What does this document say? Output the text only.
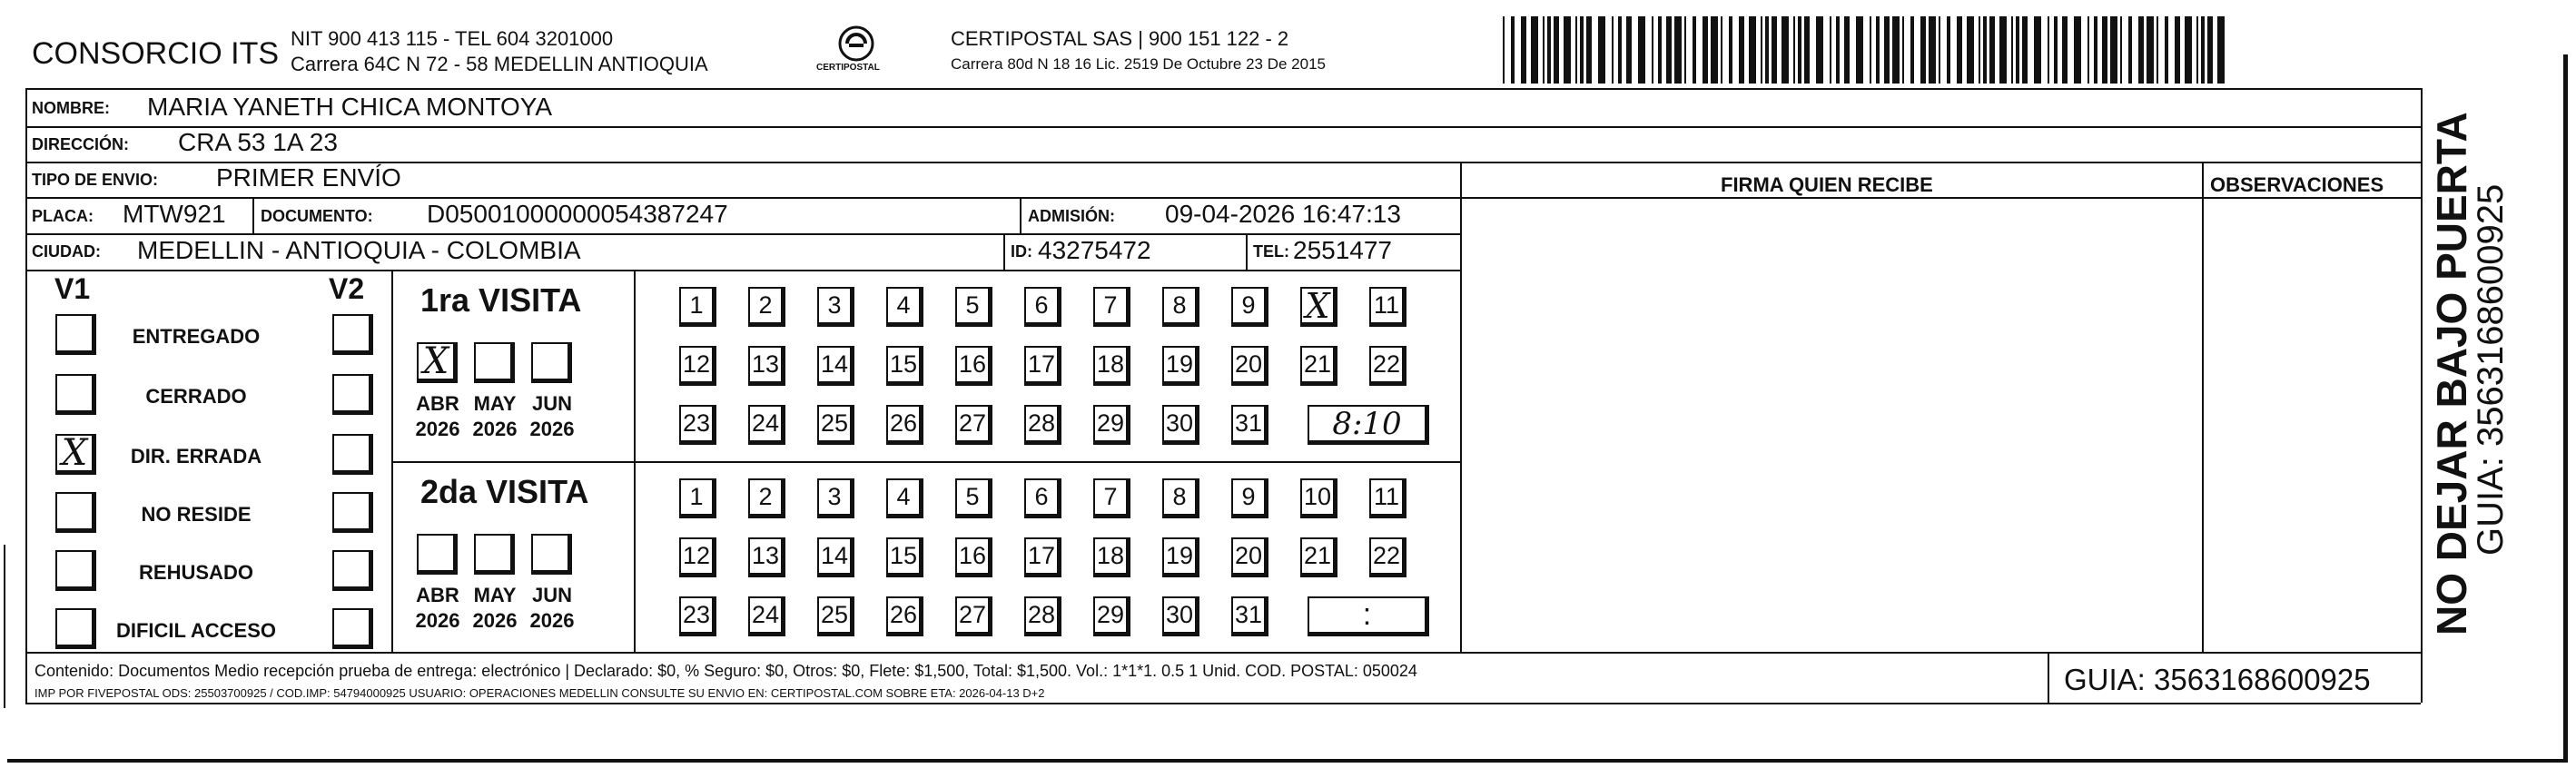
CONSORCIO ITS NIT 900 413 115 - TEL 604 3201000
Carrera 64C N 72 - 58 MEDELLIN ANTIOQUIA	CERTIPOSTAL
CERTIPOSTAL SAS | 900 151 122 - 2
Carrera 80d N 18 16 Lic. 2519 De Octubre 23 De 2015
NOMBRE: MARIA YANETH CHICA MONTOYA
DIRECCIÓN: CRA 53 1A 23
TIPO DE ENVIO: PRIMER ENVÍO	FIRMA QUIEN RECIBE	OBSERVACIONES
PLACA: MTW921 DOCUMENTO: D05001000000054387247	ADMISIÓN: 09-04-2026 16:47:13
CIUDAD: MEDELLIN - ANTIOQUIA - COLOMBIA	ID: 43275472	TEL: 2551477
V1	V2
ENTREGADO
CERRADO
X	DIR. ERRADA
NO RESIDE
REHUSADO
DIFICIL ACCESO
1ra VISITA
X
ABR
2026
MAY
2026
JUN
2026
1	2	3	4	5	6	7	8	9	X	11
12 13 14 15 16 17 18 19 20 21 22
23 24 25 26 27 28 29 30 31	8:10
2da VISITA
ABR
2026
MAY
2026
JUN
2026
1	2	3	4	5	6	7	8	9	10 11
12 13 14 15 16 17 18 19 20 21 22
23 24 25 26 27 28 29 30 31	:
Contenido: Documentos Medio recepción prueba de entrega: electrónico | Declarado: $0, % Seguro: $0, Otros: $0, Flete: $1,500, Total: $1,500. Vol.: 1*1*1. 0.5 1 Unid. COD. POSTAL: 050024
IMP POR FIVEPOSTAL ODS: 25503700925 / COD.IMP: 54794000925 USUARIO: OPERACIONES MEDELLIN CONSULTE SU ENVIO EN: CERTIPOSTAL.COM SOBRE ETA: 2026-04-13 D+2	GUIA: 3563168600925
NO DEJAR BAJO PUERTA
GUIA: 3563168600925
